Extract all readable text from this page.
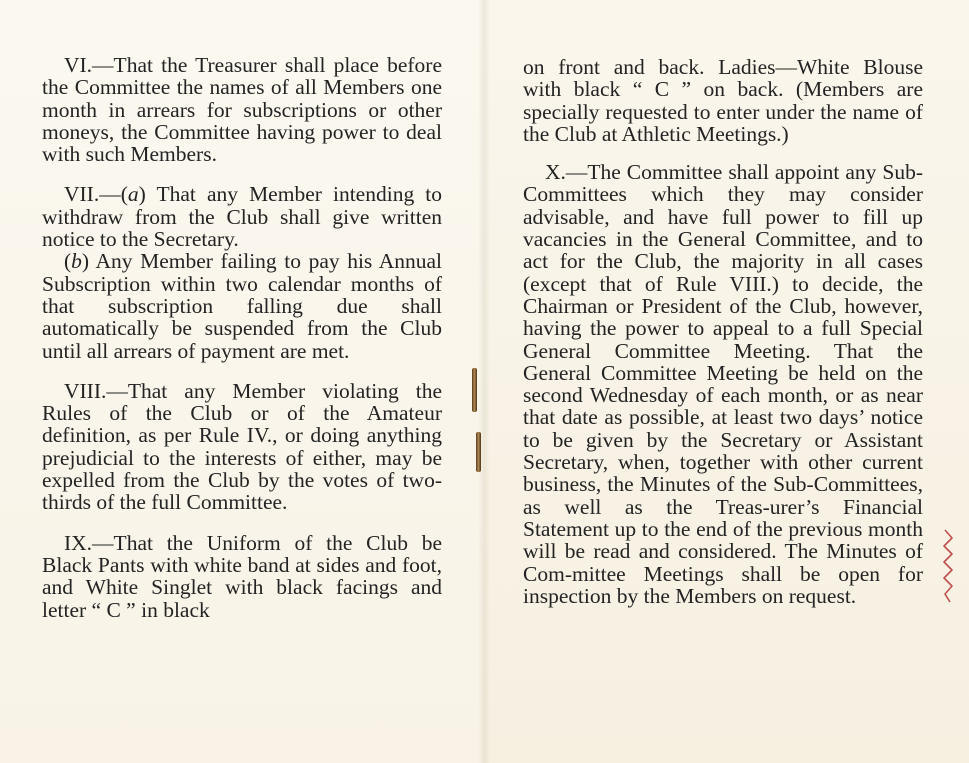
VI.—That the Treasurer shall place before the Committee the names of all Members one month in arrears for subscriptions or other moneys, the Committee having power to deal with such Members.

VII.—(a) That any Member intending to withdraw from the Club shall give written notice to the Secretary.

(b) Any Member failing to pay his Annual Subscription within two calendar months of that subscription falling due shall automatically be suspended from the Club until all arrears of payment are met.

VIII.—That any Member violating the Rules of the Club or of the Amateur definition, as per Rule IV., or doing anything prejudicial to the interests of either, may be expelled from the Club by the votes of two-thirds of the full Committee.

IX.—That the Uniform of the Club be Black Pants with white band at sides and foot, and White Singlet with black facings and letter “ C ” in black

on front and back. Ladies—White Blouse with black “ C ” on back. (Members are specially requested to enter under the name of the Club at Athletic Meetings.)

X.—The Committee shall appoint any Sub-Committees which they may consider advisable, and have full power to fill up vacancies in the General Committee, and to act for the Club, the majority in all cases (except that of Rule VIII.) to decide, the Chairman or President of the Club, however, having the power to appeal to a full Special General Committee Meeting. That the General Committee Meeting be held on the second Wednesday of each month, or as near that date as possible, at least two days’ notice to be given by the Secretary or Assistant Secretary, when, together with other current business, the Minutes of the Sub-Committees, as well as the Treas-urer’s Financial Statement up to the end of the previous month will be read and considered. The Minutes of Com-mittee Meetings shall be open for inspection by the Members on request.
